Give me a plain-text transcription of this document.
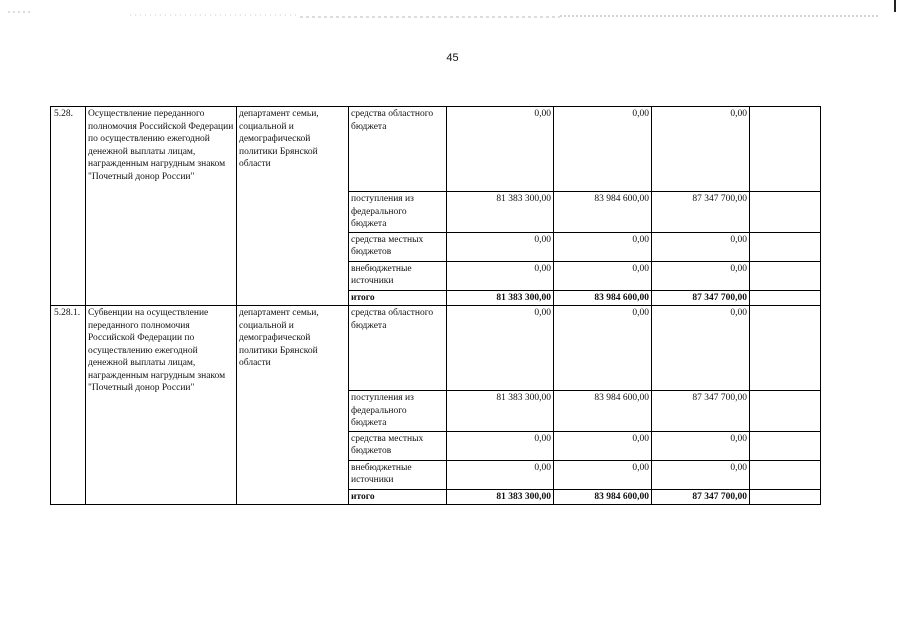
45
5.28.	Осуществление переданного полномочия Российской Федерации по осуществлению ежегодной денежной выплаты лицам, награжденным нагрудным знаком "Почетный донор России"	департамент семьи, социальной и демографической политики Брянской области	средства областного бюджета	0,00	0,00	0,00	
			поступления из федерального бюджета	81 383 300,00	83 984 600,00	87 347 700,00	
			средства местных бюджетов	0,00	0,00	0,00	
			внебюджетные источники	0,00	0,00	0,00	
			итого	81 383 300,00	83 984 600,00	87 347 700,00	
5.28.1.	Субвенции на осуществление переданного полномочия Российской Федерации по осуществлению ежегодной денежной выплаты лицам, награжденным нагрудным знаком "Почетный донор России"	департамент семьи, социальной и демографической политики Брянской области	средства областного бюджета	0,00	0,00	0,00	
			поступления из федерального бюджета	81 383 300,00	83 984 600,00	87 347 700,00	
			средства местных бюджетов	0,00	0,00	0,00	
			внебюджетные источники	0,00	0,00	0,00	
			итого	81 383 300,00	83 984 600,00	87 347 700,00	
